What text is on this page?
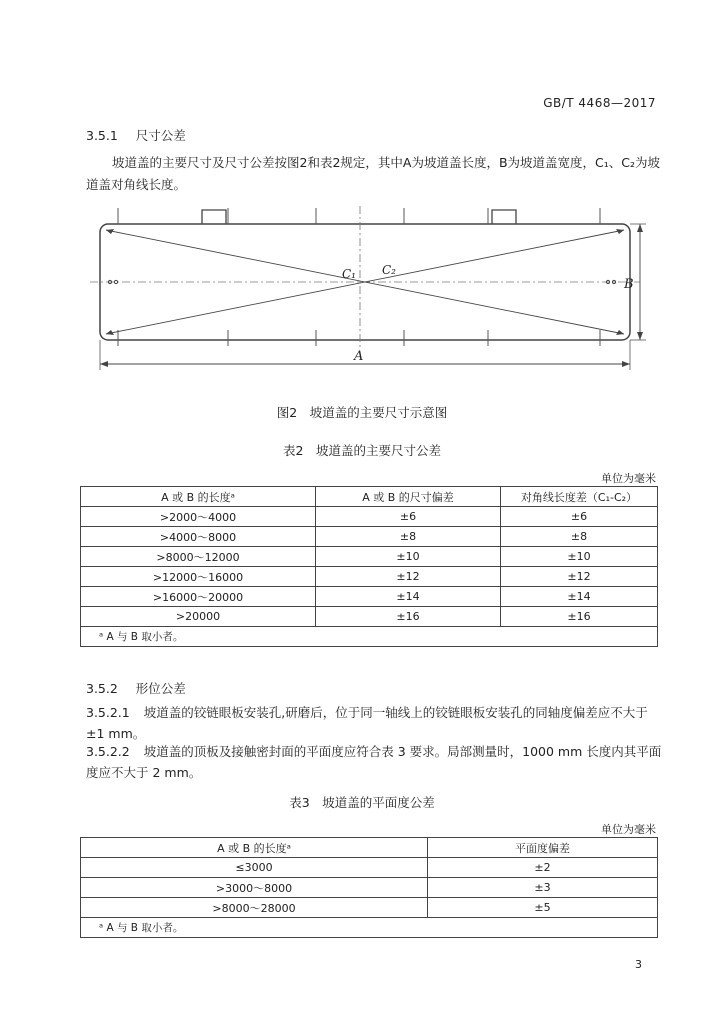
GB/T 4468—2017
3.5.1 尺寸公差
坡道盖的主要尺寸及尺寸公差按图2和表2规定，其中A为坡道盖长度，B为坡道盖宽度，C₁、C₂为坡
道盖对角线长度。
C₁ C₂
B
A
图2　坡道盖的主要尺寸示意图
表2　坡道盖的主要尺寸公差
单位为毫米
A 或 B 的长度ᵃ	A 或 B 的尺寸偏差	对角线长度差（C₁-C₂）
>2000～4000	±6	±6
>4000～8000	±8	±8
>8000～12000	±10	±10
>12000～16000	±12	±12
>16000～20000	±14	±14
>20000	±16	±16
ᵃ A 与 B 取小者。		
3.5.2 形位公差
3.5.2.1 坡道盖的铰链眼板安装孔,研磨后，位于同一轴线上的铰链眼板安装孔的同轴度偏差应不大于
±1 mm。
3.5.2.2 坡道盖的顶板及接触密封面的平面度应符合表 3 要求。局部测量时，1000 mm 长度内其平面
度应不大于 2 mm。
表3　坡道盖的平面度公差
单位为毫米
A 或 B 的长度ᵃ	平面度偏差
≤3000	±2
>3000～8000	±3
>8000～28000	±5
ᵃ A 与 B 取小者。	
3
